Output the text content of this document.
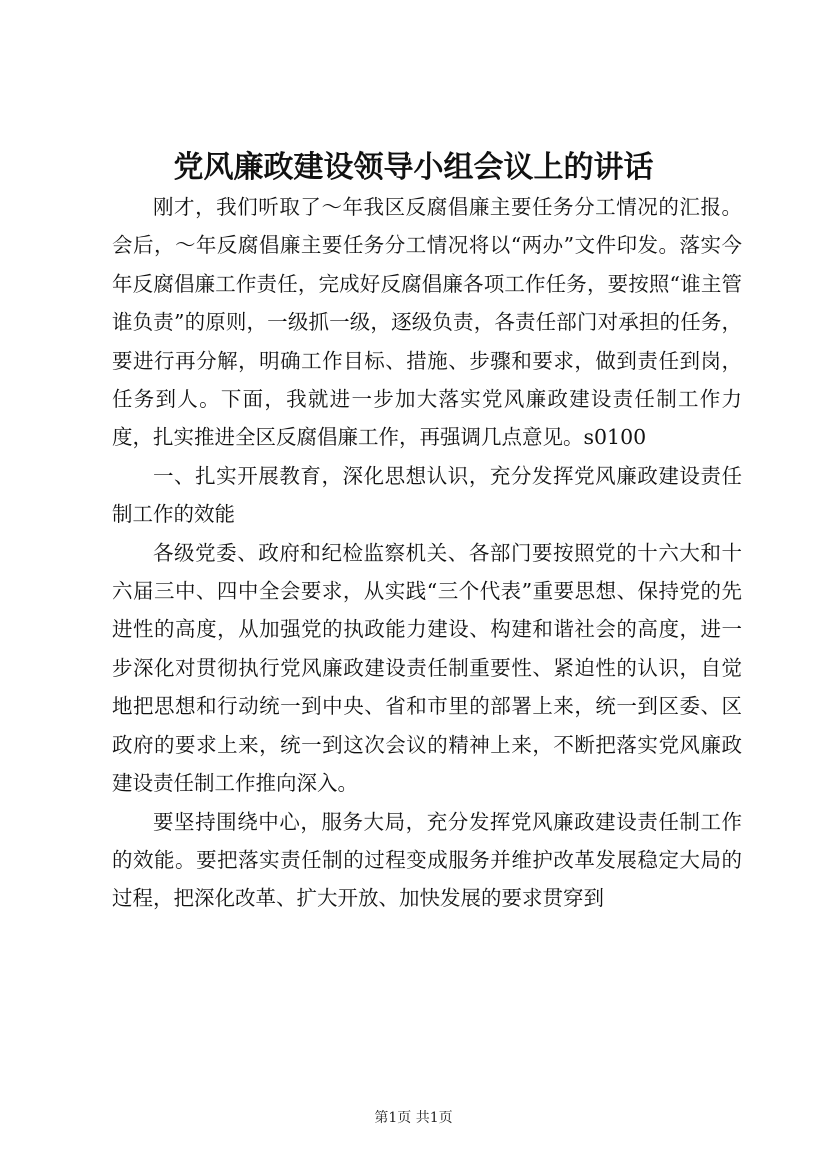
党风廉政建设领导小组会议上的讲话

刚才，我们听取了～年我区反腐倡廉主要任务分工情况的汇报。会后，～年反腐倡廉主要任务分工情况将以“两办”文件印发。落实今年反腐倡廉工作责任，完成好反腐倡廉各项工作任务，要按照“谁主管谁负责”的原则，一级抓一级，逐级负责，各责任部门对承担的任务，要进行再分解，明确工作目标、措施、步骤和要求，做到责任到岗，任务到人。下面，我就进一步加大落实党风廉政建设责任制工作力度，扎实推进全区反腐倡廉工作，再强调几点意见。s0100

一、扎实开展教育，深化思想认识，充分发挥党风廉政建设责任制工作的效能

各级党委、政府和纪检监察机关、各部门要按照党的十六大和十六届三中、四中全会要求，从实践“三个代表”重要思想、保持党的先进性的高度，从加强党的执政能力建设、构建和谐社会的高度，进一步深化对贯彻执行党风廉政建设责任制重要性、紧迫性的认识，自觉地把思想和行动统一到中央、省和市里的部署上来，统一到区委、区政府的要求上来，统一到这次会议的精神上来，不断把落实党风廉政建设责任制工作推向深入。

要坚持围绕中心，服务大局，充分发挥党风廉政建设责任制工作的效能。要把落实责任制的过程变成服务并维护改革发展稳定大局的过程，把深化改革、扩大开放、加快发展的要求贯穿到

第1页 共1页
